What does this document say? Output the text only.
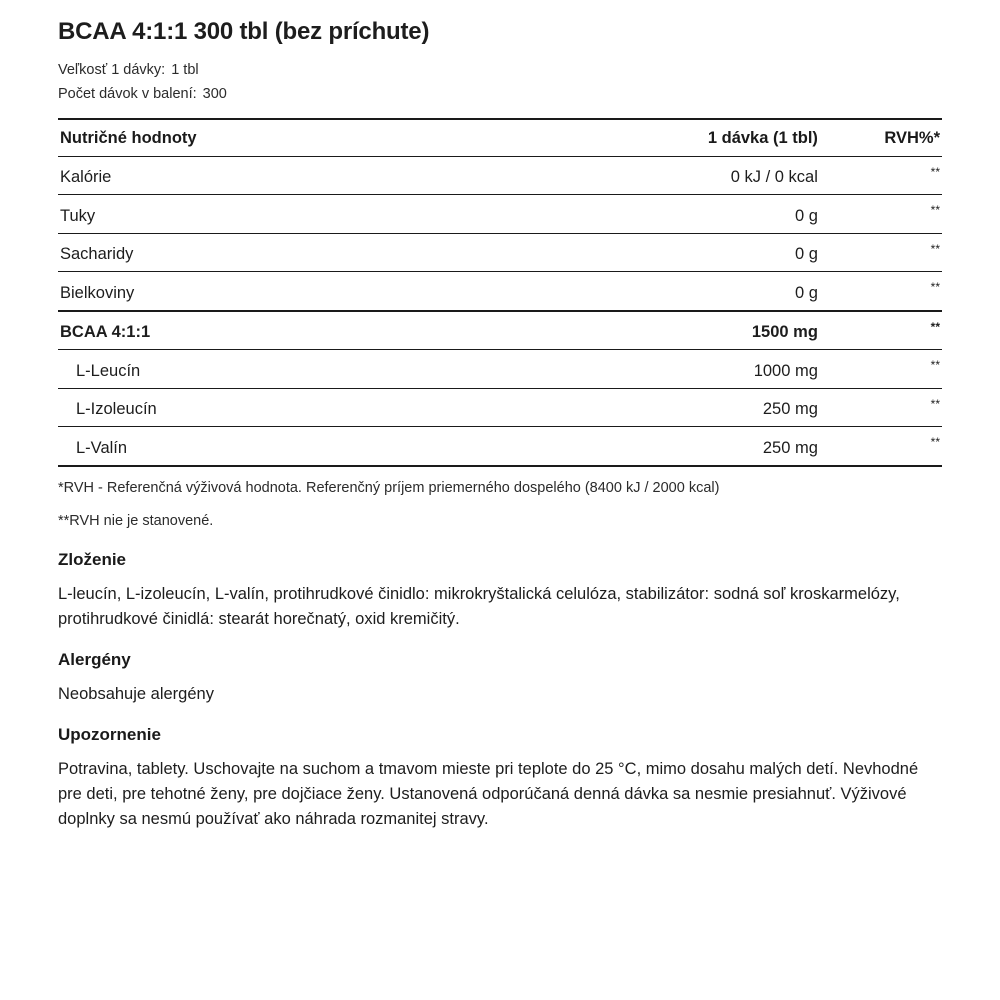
BCAA 4:1:1 300 tbl (bez príchute)

Veľkosť 1 dávky: 1 tbl

Počet dávok v balení: 300

Nutričné hodnoty	1 dávka (1 tbl)	RVH%*
Kalórie	0 kJ / 0 kcal	**
Tuky	0 g	**
Sacharidy	0 g	**
Bielkoviny	0 g	**
BCAA 4:1:1	1500 mg	**
L-Leucín	1000 mg	**
L-Izoleucín	250 mg	**
L-Valín	250 mg	**

*RVH - Referenčná výživová hodnota. Referenčný príjem priemerného dospelého (8400 kJ / 2000 kcal)

**RVH nie je stanovené.

Zloženie

L-leucín, L-izoleucín, L-valín, protihrudkové činidlo: mikrokryštalická celulóza, stabilizátor: sodná soľ kroskarmelózy, protihrudkové činidlá: stearát horečnatý, oxid kremičitý.

Alergény

Neobsahuje alergény

Upozornenie

Potravina, tablety. Uschovajte na suchom a tmavom mieste pri teplote do 25 °C, mimo dosahu malých detí. Nevhodné pre deti, pre tehotné ženy, pre dojčiace ženy. Ustanovená odporúčaná denná dávka sa nesmie presiahnuť. Výživové doplnky sa nesmú používať ako náhrada rozmanitej stravy.
